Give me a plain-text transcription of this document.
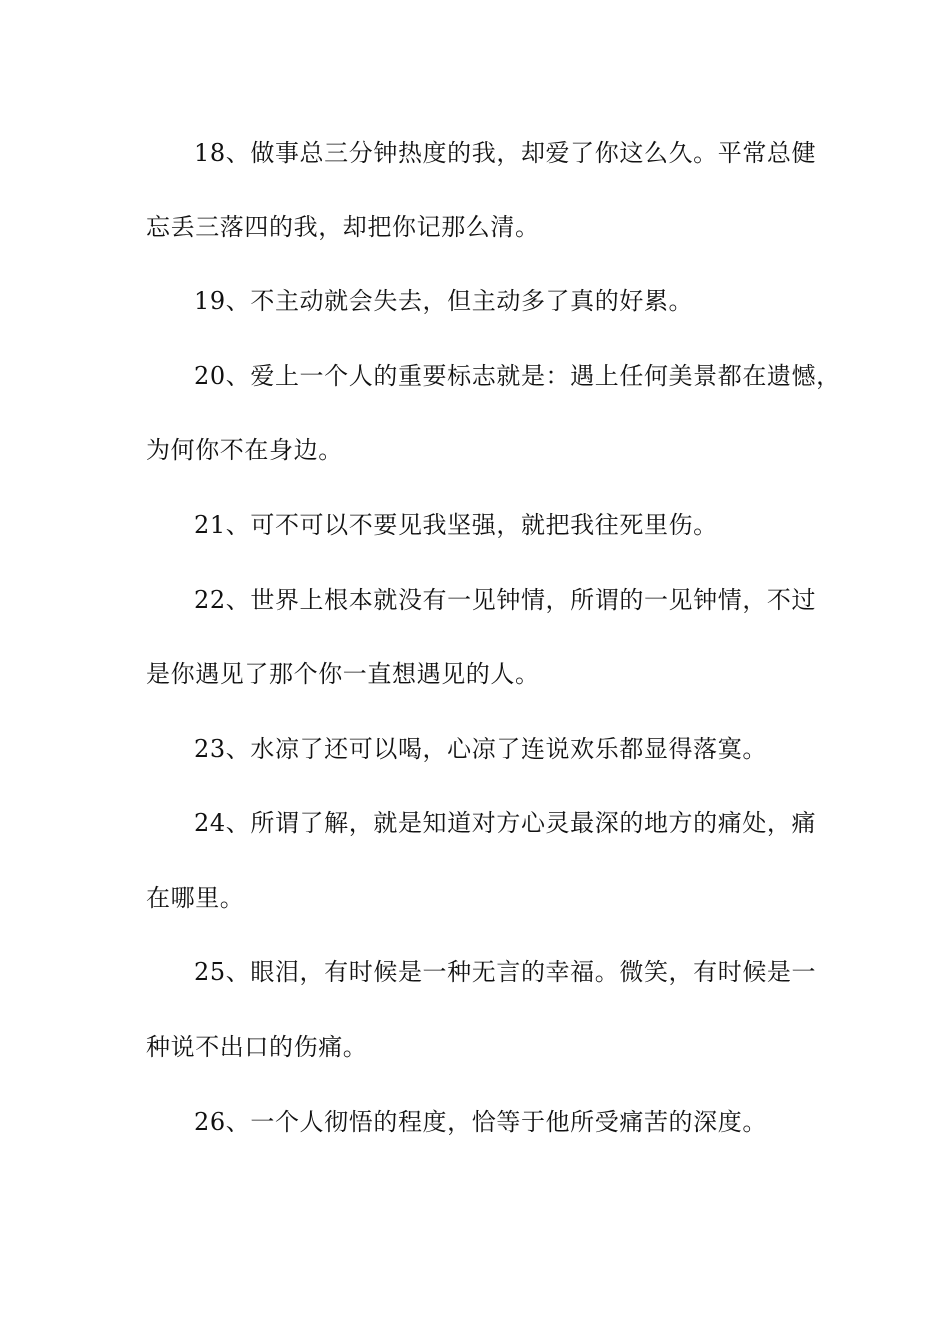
18、做事总三分钟热度的我，却爱了你这么久。平常总健
忘丢三落四的我，却把你记那么清。
19、不主动就会失去，但主动多了真的好累。
20、爱上一个人的重要标志就是：遇上任何美景都在遗憾，
为何你不在身边。
21、可不可以不要见我坚强，就把我往死里伤。
22、世界上根本就没有一见钟情，所谓的一见钟情，不过
是你遇见了那个你一直想遇见的人。
23、水凉了还可以喝，心凉了连说欢乐都显得落寞。
24、所谓了解，就是知道对方心灵最深的地方的痛处，痛
在哪里。
25、眼泪，有时候是一种无言的幸福。微笑，有时候是一
种说不出口的伤痛。
26、一个人彻悟的程度，恰等于他所受痛苦的深度。
